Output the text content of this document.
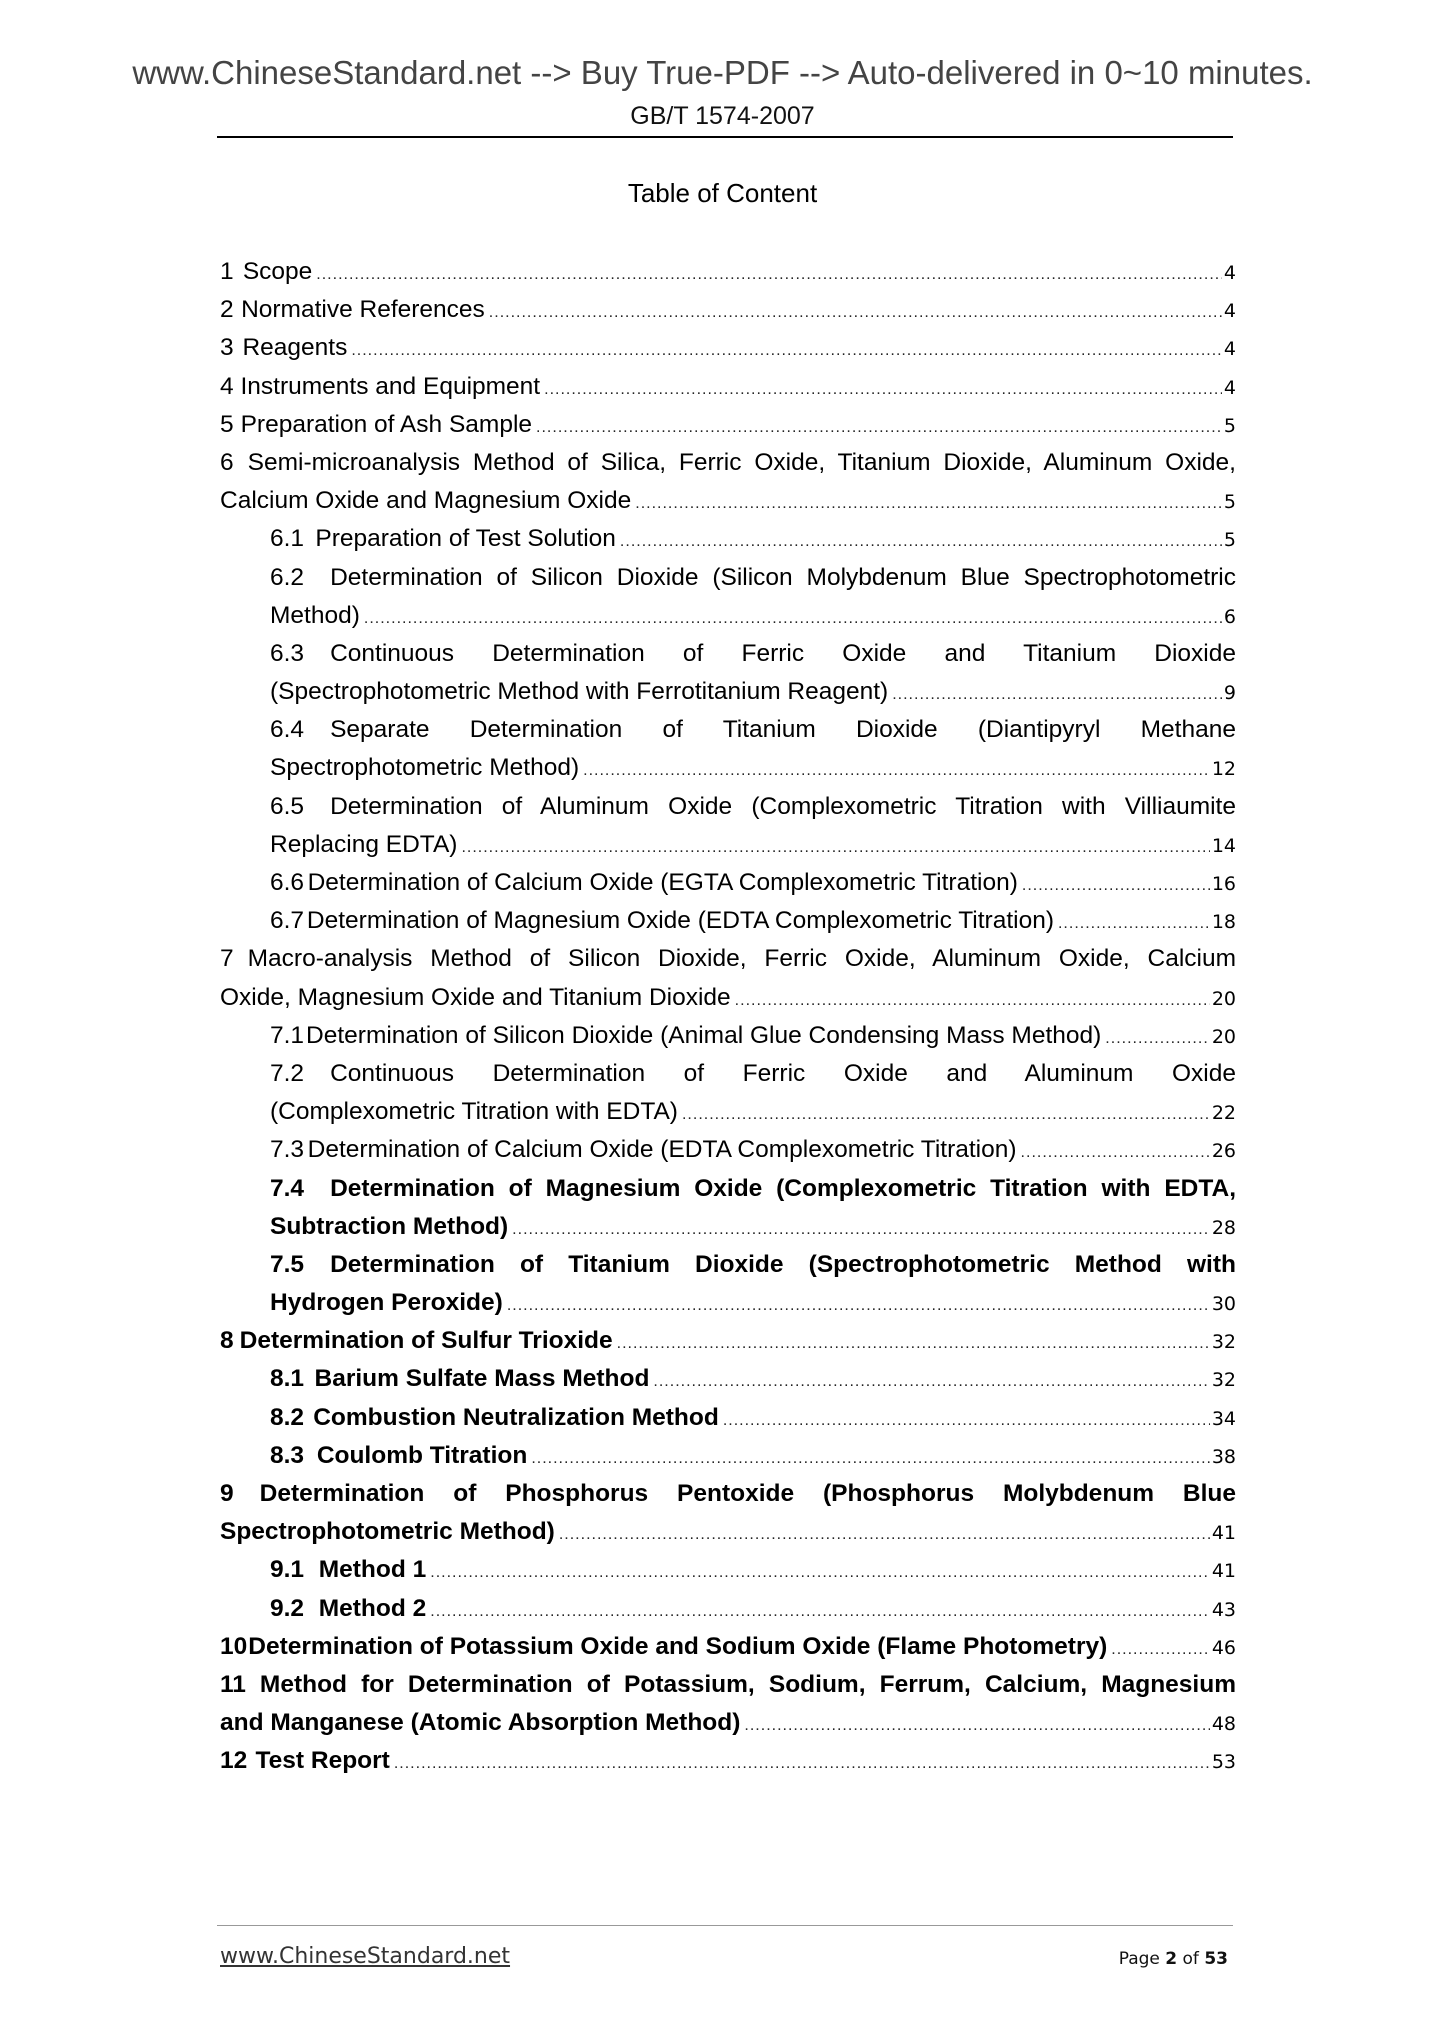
www.ChineseStandard.net --> Buy True-PDF --> Auto-delivered in 0~10 minutes.
GB/T 1574-2007
Table of Content
1 Scope .....	4
2 Normative References .....	4
3 Reagents .....	4
4 Instruments and Equipment .....	4
5 Preparation of Ash Sample .....	5
6 Semi-microanalysis Method of Silica, Ferric Oxide, Titanium Dioxide, Aluminum Oxide,
Calcium Oxide and Magnesium Oxide .....	5
6.1 Preparation of Test Solution .....	5
6.2 Determination of Silicon Dioxide (Silicon Molybdenum Blue Spectrophotometric
Method) .....	6
6.3 Continuous Determination of Ferric Oxide and Titanium Dioxide
(Spectrophotometric Method with Ferrotitanium Reagent) .....	9
6.4 Separate Determination of Titanium Dioxide (Diantipyryl Methane
Spectrophotometric Method) .....	12
6.5 Determination of Aluminum Oxide (Complexometric Titration with Villiaumite
Replacing EDTA) .....	14
6.6 Determination of Calcium Oxide (EGTA Complexometric Titration) .....	16
6.7 Determination of Magnesium Oxide (EDTA Complexometric Titration) .....	18
7 Macro-analysis Method of Silicon Dioxide, Ferric Oxide, Aluminum Oxide, Calcium
Oxide, Magnesium Oxide and Titanium Dioxide .....	20
7.1 Determination of Silicon Dioxide (Animal Glue Condensing Mass Method) .....	20
7.2 Continuous Determination of Ferric Oxide and Aluminum Oxide
(Complexometric Titration with EDTA) .....	22
7.3 Determination of Calcium Oxide (EDTA Complexometric Titration) .....	26
7.4 Determination of Magnesium Oxide (Complexometric Titration with EDTA,
Subtraction Method) .....	28
7.5 Determination of Titanium Dioxide (Spectrophotometric Method with
Hydrogen Peroxide) .....	30
8 Determination of Sulfur Trioxide .....	32
8.1 Barium Sulfate Mass Method .....	32
8.2 Combustion Neutralization Method .....	34
8.3 Coulomb Titration .....	38
9 Determination of Phosphorus Pentoxide (Phosphorus Molybdenum Blue
Spectrophotometric Method) .....	41
9.1 Method 1 .....	41
9.2 Method 2 .....	43
10 Determination of Potassium Oxide and Sodium Oxide (Flame Photometry) .....	46
11 Method for Determination of Potassium, Sodium, Ferrum, Calcium, Magnesium
and Manganese (Atomic Absorption Method) .....	48
12 Test Report .....	53
www.ChineseStandard.net	Page 2 of 53
